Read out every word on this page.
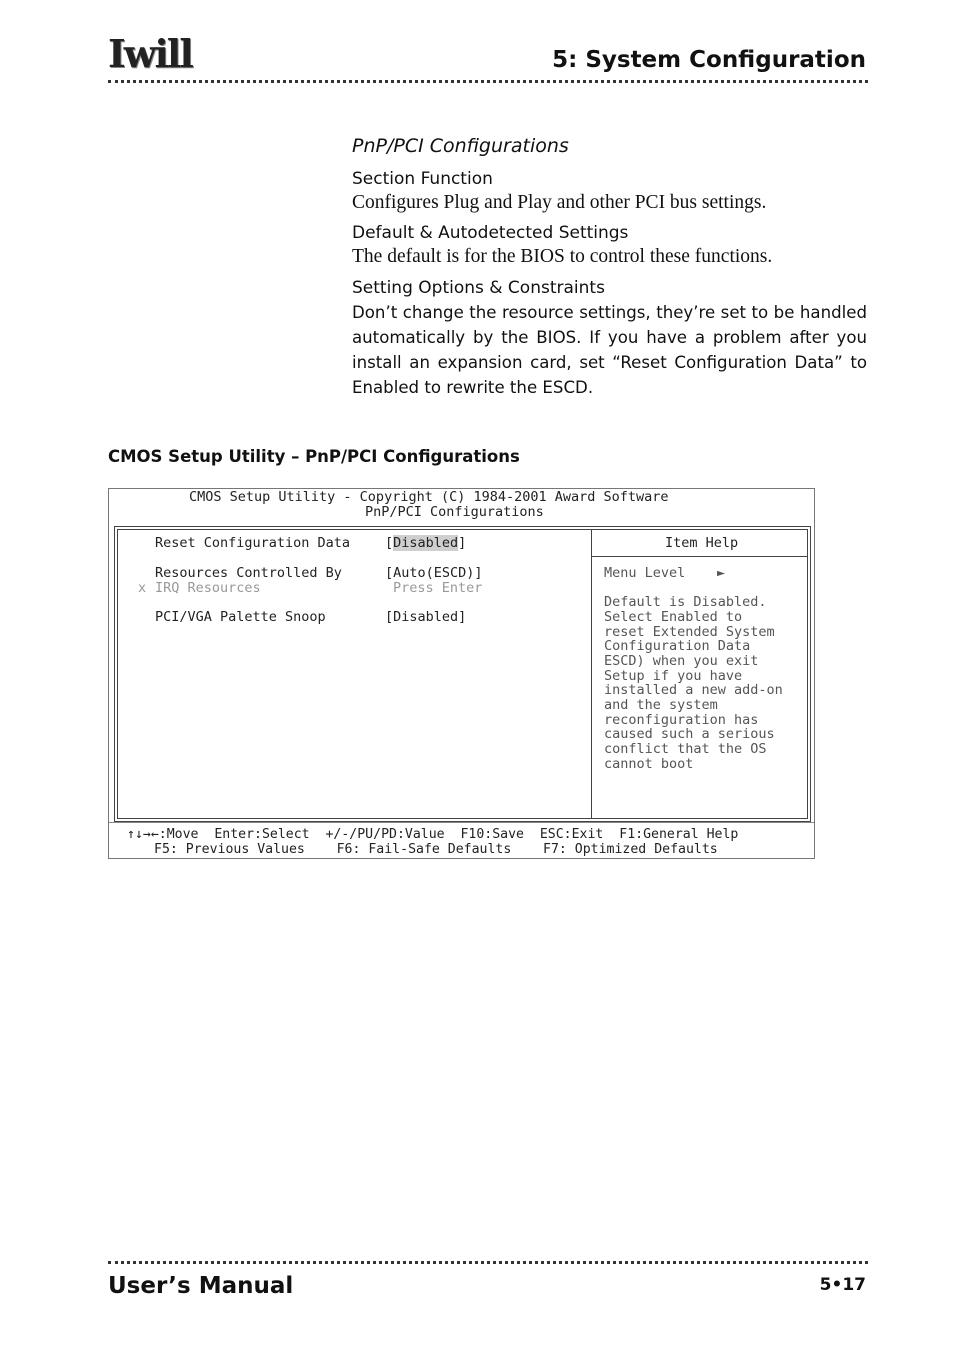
Iwill	5: System Configuration
PnP/PCI Configurations
Section Function
Configures Plug and Play and other PCI bus settings.
Default & Autodetected Settings
The default is for the BIOS to control these functions.
Setting Options & Constraints
Don’t change the resource settings, they’re set to be handled automatically by the BIOS. If you have a problem after you install an expansion card, set “Reset Configuration Data” to Enabled to rewrite the ESCD.
CMOS Setup Utility – PnP/PCI Configurations
CMOS Setup Utility - Copyright (C) 1984-2001 Award Software
PnP/PCI Configurations
Reset Configuration Data	[Disabled]
Resources Controlled By	[Auto(ESCD)]
x IRQ Resources	Press Enter
PCI/VGA Palette Snoop	[Disabled]
Item Help
Menu Level ►
Default is Disabled.
Select Enabled to
reset Extended System
Configuration Data
ESCD) when you exit
Setup if you have
installed a new add-on
and the system
reconfiguration has
caused such a serious
conflict that the OS
cannot boot
↑↓→←:Move  Enter:Select  +/-/PU/PD:Value  F10:Save  ESC:Exit  F1:General Help
F5: Previous Values    F6: Fail-Safe Defaults    F7: Optimized Defaults
User’s Manual	5•17
